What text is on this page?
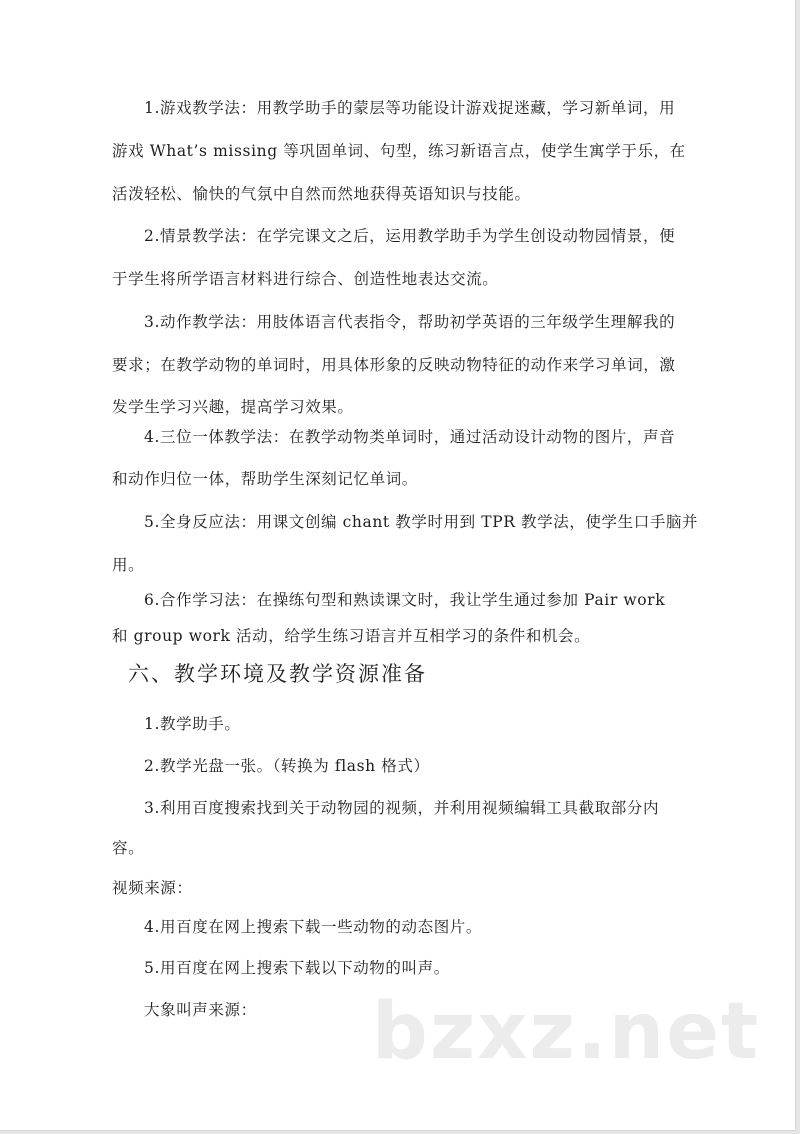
1.游戏教学法：用教学助手的蒙层等功能设计游戏捉迷藏，学习新单词，用
游戏 What’s missing 等巩固单词、句型，练习新语言点，使学生寓学于乐，在
活泼轻松、愉快的气氛中自然而然地获得英语知识与技能。
2.情景教学法：在学完课文之后，运用教学助手为学生创设动物园情景，便
于学生将所学语言材料进行综合、创造性地表达交流。
3.动作教学法：用肢体语言代表指令，帮助初学英语的三年级学生理解我的
要求；在教学动物的单词时，用具体形象的反映动物特征的动作来学习单词，激
发学生学习兴趣，提高学习效果。
4.三位一体教学法：在教学动物类单词时，通过活动设计动物的图片，声音
和动作归位一体，帮助学生深刻记忆单词。
5.全身反应法：用课文创编 chant 教学时用到 TPR 教学法，使学生口手脑并
用。
6.合作学习法：在操练句型和熟读课文时，我让学生通过参加 Pair work
和 group work 活动，给学生练习语言并互相学习的条件和机会。
六、教学环境及教学资源准备
1.教学助手。
2.教学光盘一张。（转换为 flash 格式）
3.利用百度搜索找到关于动物园的视频，并利用视频编辑工具截取部分内
容。
视频来源：
4.用百度在网上搜索下载一些动物的动态图片。
5.用百度在网上搜索下载以下动物的叫声。
大象叫声来源： bzxz.net
